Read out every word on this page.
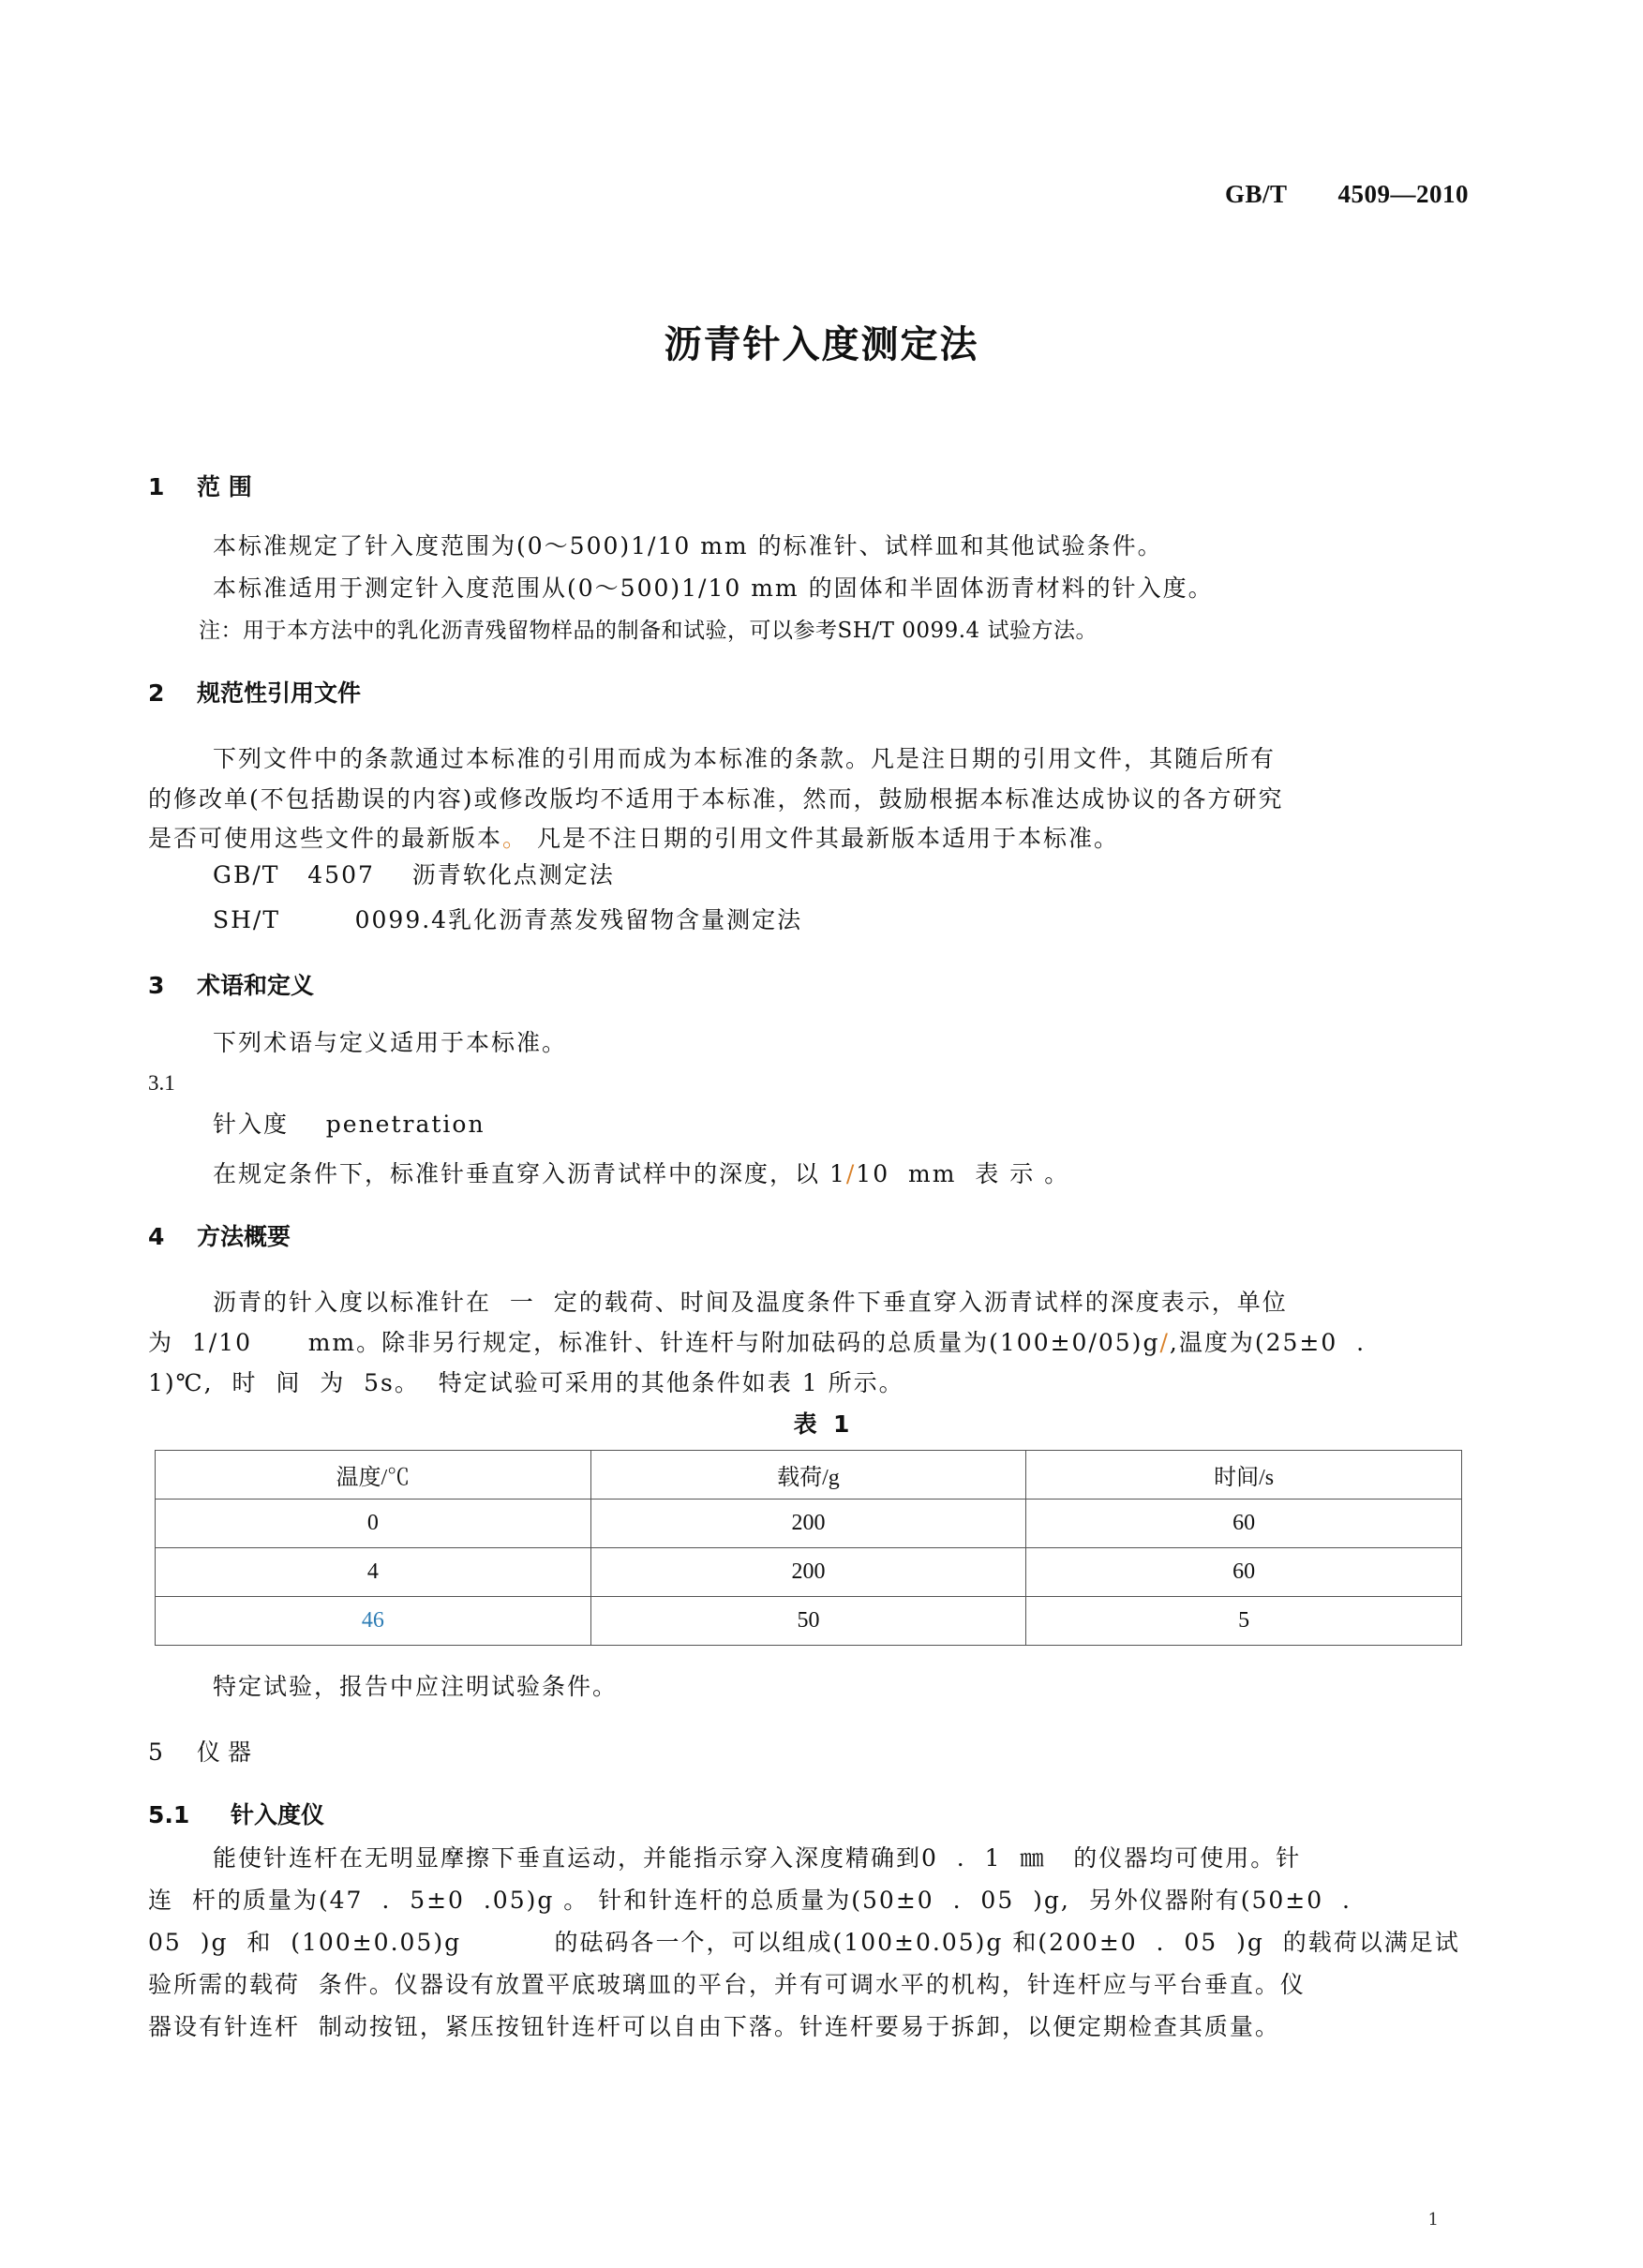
GB/T 4509—2010
沥青针入度测定法
1 范 围
本标准规定了针入度范围为(0～500)1/10 mm 的标准针、试样皿和其他试验条件。
本标准适用于测定针入度范围从(0～500)1/10 mm 的固体和半固体沥青材料的针入度。
注：用于本方法中的乳化沥青残留物样品的制备和试验，可以参考SH/T 0099.4 试验方法。
2 规范性引用文件
下列文件中的条款通过本标准的引用而成为本标准的条款。凡是注日期的引用文件，其随后所有
的修改单(不包括勘误的内容)或修改版均不适用于本标准，然而，鼓励根据本标准达成协议的各方研究
是否可使用这些文件的最新版本。 凡是不注日期的引用文件其最新版本适用于本标准。
GB/T   4507    沥青软化点测定法
SH/T        0099.4乳化沥青蒸发残留物含量测定法
3 术语和定义
下列术语与定义适用于本标准。
3.1
针入度    penetration
在规定条件下，标准针垂直穿入沥青试样中的深度，以 1/10  mm  表 示 。
4 方法概要
沥青的针入度以标准针在  一  定的载荷、时间及温度条件下垂直穿入沥青试样的深度表示，单位
为  1/10      mm。除非另行规定，标准针、针连杆与附加砝码的总质量为(100±0/05)g/,温度为(25±0  .
1)℃,  时  间  为  5s。  特定试验可采用的其他条件如表 1 所示。
表  1
温度/℃	载荷/g	时间/s
0	200	60
4	200	60
46	50	5
特定试验，报告中应注明试验条件。
5 仪 器
5.1 针入度仪
能使针连杆在无明显摩擦下垂直运动，并能指示穿入深度精确到0  .  1  ㎜   的仪器均可使用。针
连  杆的质量为(47  .  5±0  .05)g 。 针和针连杆的总质量为(50±0  .  05  )g,  另外仪器附有(50±0  .
05  )g  和  (100±0.05)g          的砝码各一个，可以组成(100±0.05)g 和(200±0  .  05  )g  的载荷以满足试
验所需的载荷  条件。仪器设有放置平底玻璃皿的平台，并有可调水平的机构，针连杆应与平台垂直。仪
器设有针连杆  制动按钮，紧压按钮针连杆可以自由下落。针连杆要易于拆卸，以便定期检查其质量。
1
